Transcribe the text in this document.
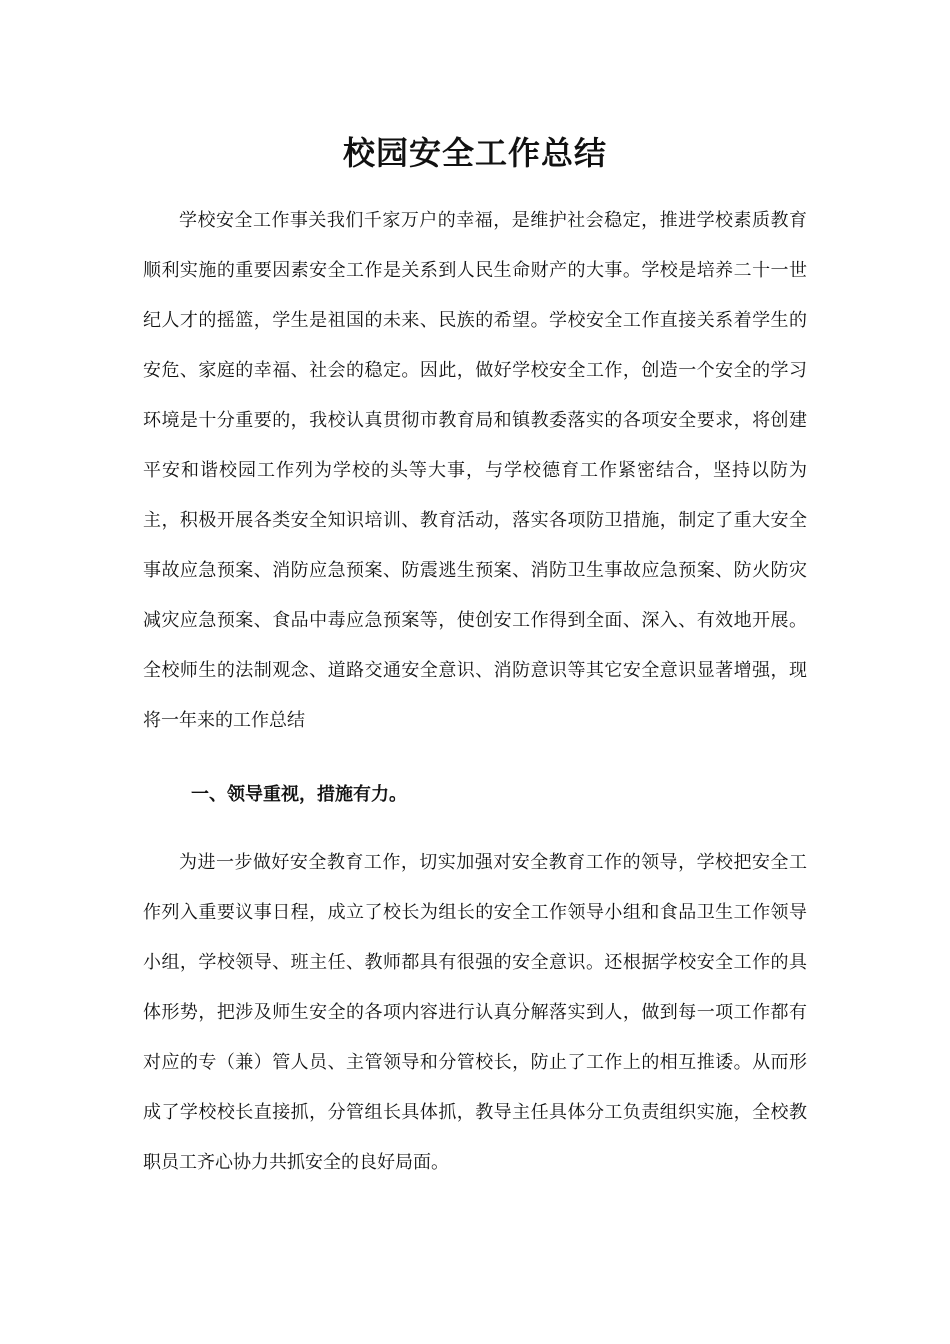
校园安全工作总结

学校安全工作事关我们千家万户的幸福，是维护社会稳定，推进学校素质教育顺利实施的重要因素安全工作是关系到人民生命财产的大事。学校是培养二十一世纪人才的摇篮，学生是祖国的未来、民族的希望。学校安全工作直接关系着学生的安危、家庭的幸福、社会的稳定。因此，做好学校安全工作，创造一个安全的学习环境是十分重要的，我校认真贯彻市教育局和镇教委落实的各项安全要求，将创建平安和谐校园工作列为学校的头等大事，与学校德育工作紧密结合，坚持以防为主，积极开展各类安全知识培训、教育活动，落实各项防卫措施，制定了重大安全事故应急预案、消防应急预案、防震逃生预案、消防卫生事故应急预案、防火防灾减灾应急预案、食品中毒应急预案等，使创安工作得到全面、深入、有效地开展。全校师生的法制观念、道路交通安全意识、消防意识等其它安全意识显著增强，现将一年来的工作总结

一、领导重视，措施有力。

为进一步做好安全教育工作，切实加强对安全教育工作的领导，学校把安全工作列入重要议事日程，成立了校长为组长的安全工作领导小组和食品卫生工作领导小组，学校领导、班主任、教师都具有很强的安全意识。还根据学校安全工作的具体形势，把涉及师生安全的各项内容进行认真分解落实到人，做到每一项工作都有对应的专（兼）管人员、主管领导和分管校长，防止了工作上的相互推诿。从而形成了学校校长直接抓，分管组长具体抓，教导主任具体分工负责组织实施，全校教职员工齐心协力共抓安全的良好局面。
